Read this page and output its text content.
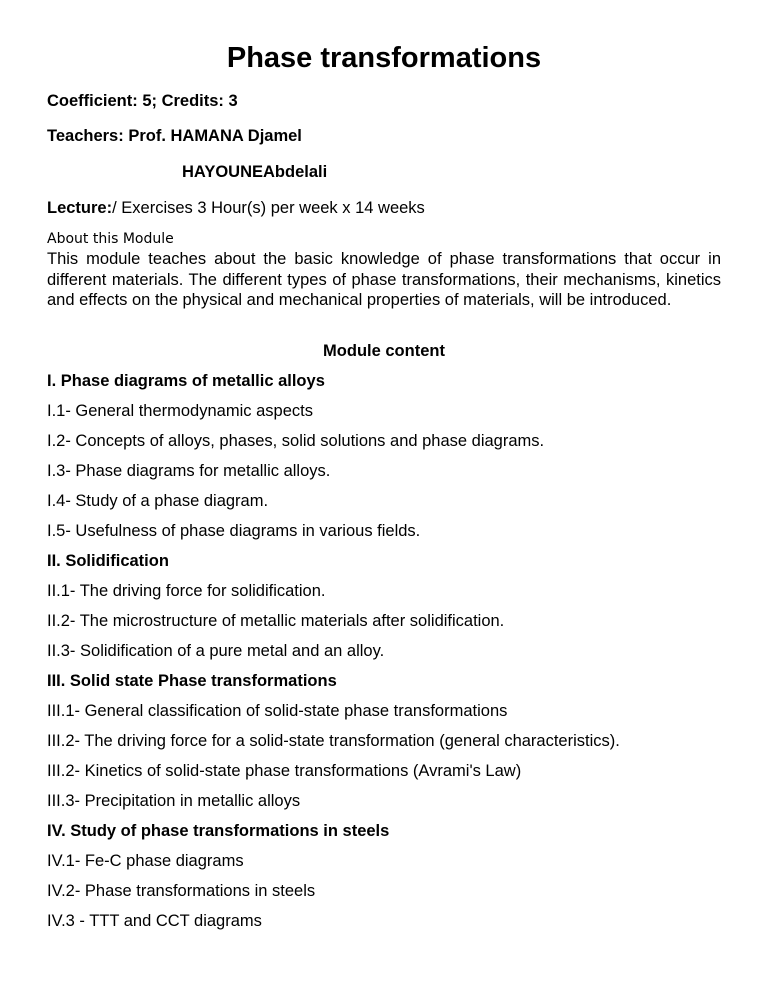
Phase transformations

Coefficient: 5; Credits: 3

Teachers: Prof. HAMANA Djamel

HAYOUNEAbdelali

Lecture:/ Exercises 3 Hour(s) per week x 14 weeks

About this Module

This module teaches about the basic knowledge of phase transformations that occur in different materials. The different types of phase transformations, their mechanisms, kinetics and effects on the physical and mechanical properties of materials, will be introduced.

Module content

I. Phase diagrams of metallic alloys

I.1- General thermodynamic aspects

I.2- Concepts of alloys, phases, solid solutions and phase diagrams.

I.3- Phase diagrams for metallic alloys.

I.4- Study of a phase diagram.

I.5- Usefulness of phase diagrams in various fields.

II. Solidification

II.1- The driving force for solidification.

II.2- The microstructure of metallic materials after solidification.

II.3- Solidification of a pure metal and an alloy.

III. Solid state Phase transformations

III.1- General classification of solid-state phase transformations

III.2- The driving force for a solid-state transformation (general characteristics).

III.2- Kinetics of solid-state phase transformations (Avrami's Law)

III.3- Precipitation in metallic alloys

IV. Study of phase transformations in steels

IV.1- Fe-C phase diagrams

IV.2- Phase transformations in steels

IV.3 - TTT and CCT diagrams
